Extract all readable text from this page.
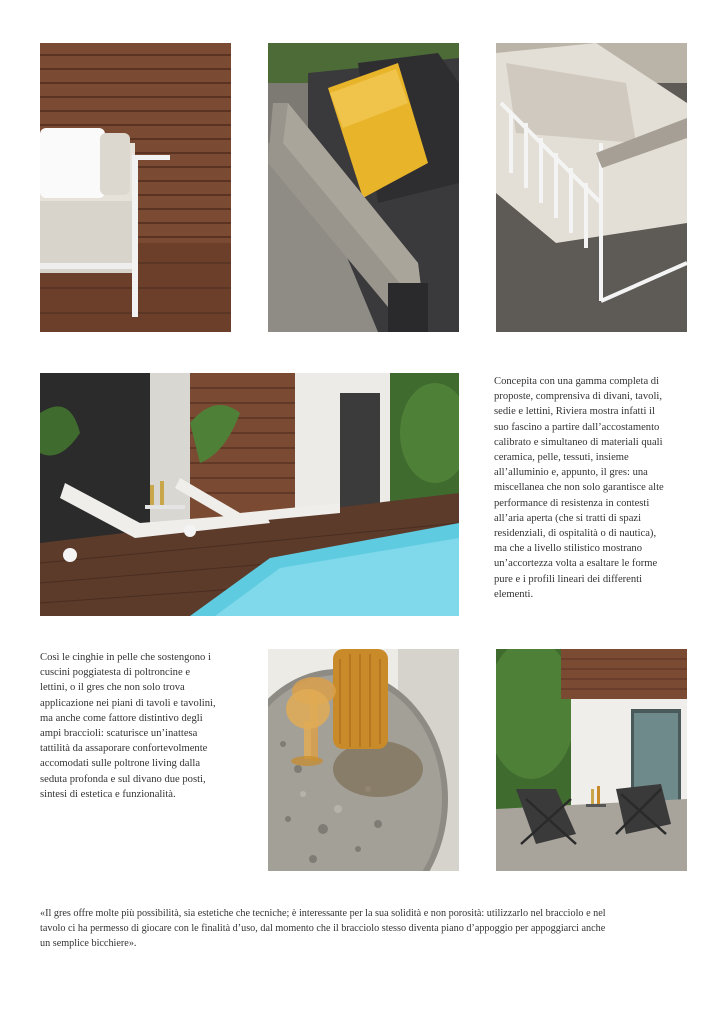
Concepita con una gamma completa di
proposte, comprensiva di divani, tavoli,
sedie e lettini, Riviera mostra infatti il
suo fascino a partire dall’accostamento
calibrato e simultaneo di materiali quali
ceramica, pelle, tessuti, insieme
all’alluminio e, appunto, il gres: una
miscellanea che non solo garantisce alte
performance di resistenza in contesti
all’aria aperta (che si tratti di spazi
residenziali, di ospitalità o di nautica),
ma che a livello stilistico mostrano
un’accortezza volta a esaltare le forme
pure e i profili lineari dei differenti
elementi.
Così le cinghie in pelle che sostengono i
cuscini poggiatesta di poltroncine e
lettini, o il gres che non solo trova
applicazione nei piani di tavoli e tavolini,
ma anche come fattore distintivo degli
ampi braccioli: scaturisce un’inattesa
tattilità da assaporare confortevolmente
accomodati sulle poltrone living dalla
seduta profonda e sul divano due posti,
sintesi di estetica e funzionalità.
«Il gres offre molte più possibilità, sia estetiche che tecniche; è interessante per la sua solidità e non porosità: utilizzarlo nel bracciolo e nel
tavolo ci ha permesso di giocare con le finalità d’uso, dal momento che il bracciolo stesso diventa piano d’appoggio per appoggiarci anche
un semplice bicchiere».
